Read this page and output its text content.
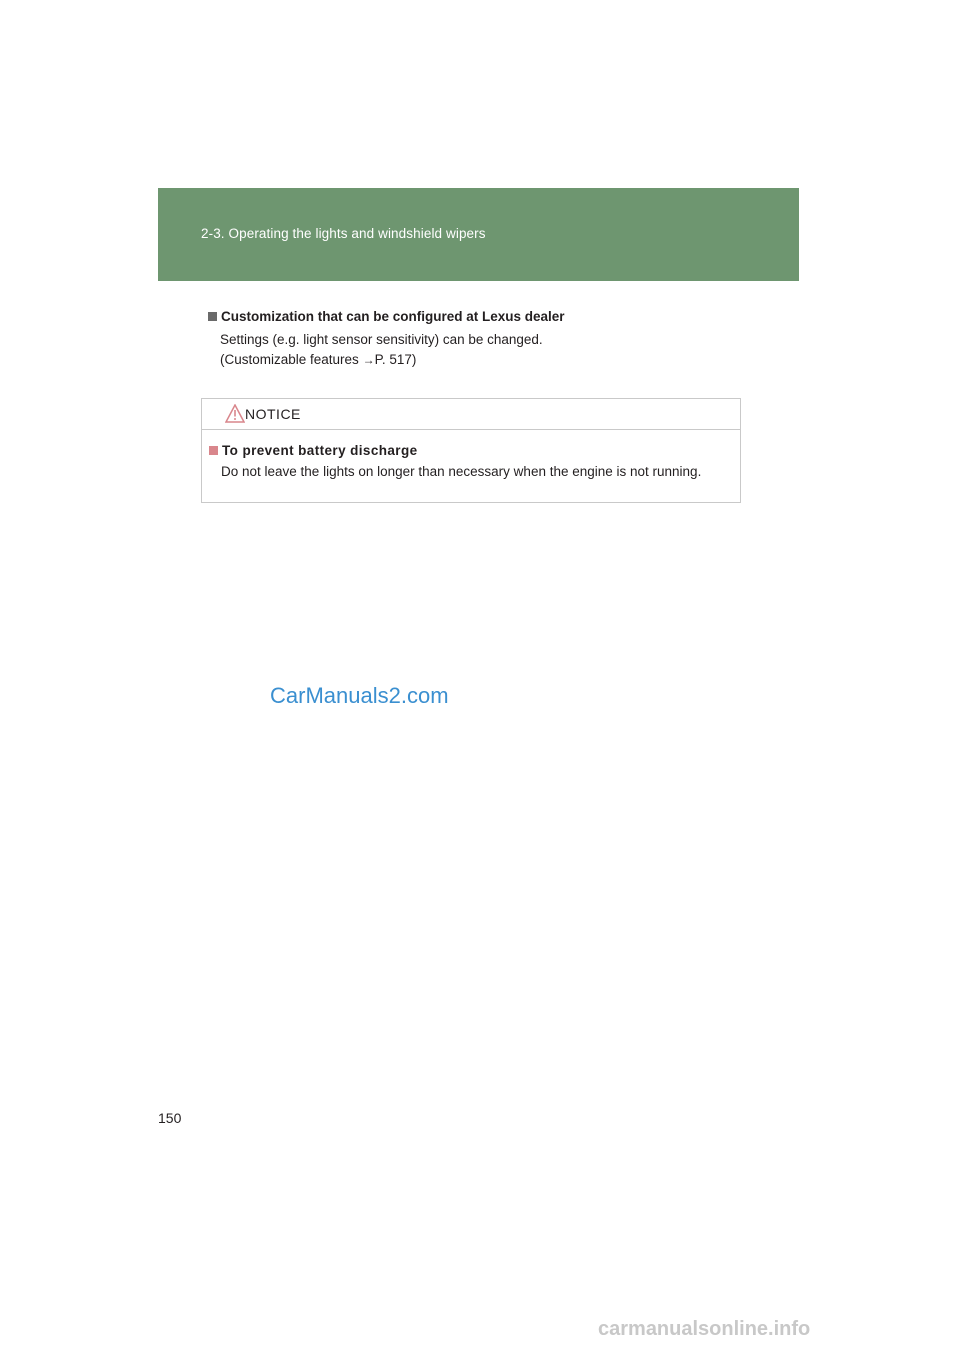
2-3. Operating the lights and windshield wipers
Customization that can be configured at Lexus dealer
Settings (e.g. light sensor sensitivity) can be changed.
(Customizable features →P. 517)
NOTICE
To prevent battery discharge
Do not leave the lights on longer than necessary when the engine is not running.
CarManuals2.com
150
carmanualsonline.info
